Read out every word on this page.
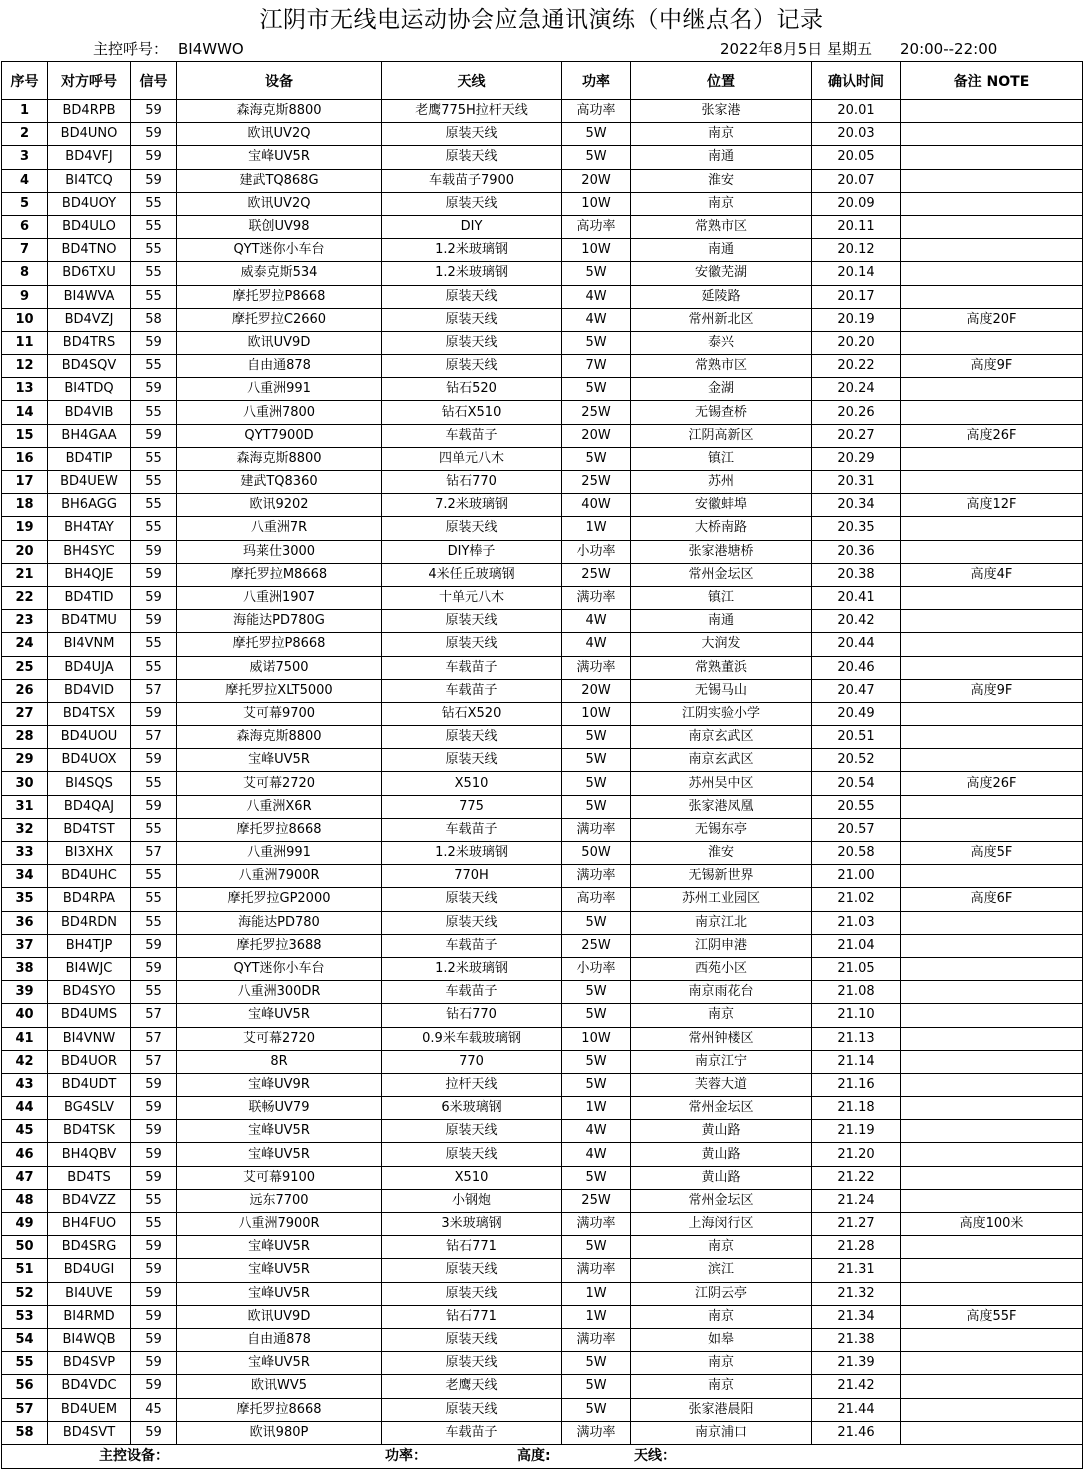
江阴市无线电运动协会应急通讯演练（中继点名）记录
主控呼号： BI4WWO	2022年8月5日 星期五 20:00--22:00
序号	对方呼号	信号	设备	天线	功率	位置	确认时间	备注 NOTE
1	BD4RPB	59	森海克斯8800	老鹰775H拉杆天线	高功率	张家港	20.01	
2	BD4UNO	59	欧讯UV2Q	原装天线	5W	南京	20.03	
3	BD4VFJ	59	宝峰UV5R	原装天线	5W	南通	20.05	
4	BI4TCQ	59	建武TQ868G	车载苗子7900	20W	淮安	20.07	
5	BD4UOY	55	欧讯UV2Q	原装天线	10W	南京	20.09	
6	BD4ULO	55	联创UV98	DIY	高功率	常熟市区	20.11	
7	BD4TNO	55	QYT迷你小车台	1.2米玻璃钢	10W	南通	20.12	
8	BD6TXU	55	威泰克斯534	1.2米玻璃钢	5W	安徽芜湖	20.14	
9	BI4WVA	55	摩托罗拉P8668	原装天线	4W	延陵路	20.17	
10	BD4VZJ	58	摩托罗拉C2660	原装天线	4W	常州新北区	20.19	高度20F
11	BD4TRS	59	欧讯UV9D	原装天线	5W	泰兴	20.20	
12	BD4SQV	55	自由通878	原装天线	7W	常熟市区	20.22	高度9F
13	BI4TDQ	59	八重洲991	钻石520	5W	金湖	20.24	
14	BD4VIB	55	八重洲7800	钻石X510	25W	无锡查桥	20.26	
15	BH4GAA	59	QYT7900D	车载苗子	20W	江阴高新区	20.27	高度26F
16	BD4TIP	55	森海克斯8800	四单元八木	5W	镇江	20.29	
17	BD4UEW	55	建武TQ8360	钻石770	25W	苏州	20.31	
18	BH6AGG	55	欧讯9202	7.2米玻璃钢	40W	安徽蚌埠	20.34	高度12F
19	BH4TAY	55	八重洲7R	原装天线	1W	大桥南路	20.35	
20	BH4SYC	59	玛莱仕3000	DIY棒子	小功率	张家港塘桥	20.36	
21	BH4QJE	59	摩托罗拉M8668	4米任丘玻璃钢	25W	常州金坛区	20.38	高度4F
22	BD4TID	59	八重洲1907	十单元八木	满功率	镇江	20.41	
23	BD4TMU	59	海能达PD780G	原装天线	4W	南通	20.42	
24	BI4VNM	55	摩托罗拉P8668	原装天线	4W	大润发	20.44	
25	BD4UJA	55	威诺7500	车载苗子	满功率	常熟董浜	20.46	
26	BD4VID	57	摩托罗拉XLT5000	车载苗子	20W	无锡马山	20.47	高度9F
27	BD4TSX	59	艾可幕9700	钻石X520	10W	江阴实验小学	20.49	
28	BD4UOU	57	森海克斯8800	原装天线	5W	南京玄武区	20.51	
29	BD4UOX	59	宝峰UV5R	原装天线	5W	南京玄武区	20.52	
30	BI4SQS	55	艾可幕2720	X510	5W	苏州吴中区	20.54	高度26F
31	BD4QAJ	59	八重洲X6R	775	5W	张家港凤凰	20.55	
32	BD4TST	55	摩托罗拉8668	车载苗子	满功率	无锡东亭	20.57	
33	BI3XHX	57	八重洲991	1.2米玻璃钢	50W	淮安	20.58	高度5F
34	BD4UHC	55	八重洲7900R	770H	满功率	无锡新世界	21.00	
35	BD4RPA	55	摩托罗拉GP2000	原装天线	高功率	苏州工业园区	21.02	高度6F
36	BD4RDN	55	海能达PD780	原装天线	5W	南京江北	21.03	
37	BH4TJP	59	摩托罗拉3688	车载苗子	25W	江阴申港	21.04	
38	BI4WJC	59	QYT迷你小车台	1.2米玻璃钢	小功率	西苑小区	21.05	
39	BD4SYO	55	八重洲300DR	车载苗子	5W	南京雨花台	21.08	
40	BD4UMS	57	宝峰UV5R	钻石770	5W	南京	21.10	
41	BI4VNW	57	艾可幕2720	0.9米车载玻璃钢	10W	常州钟楼区	21.13	
42	BD4UOR	57	8R	770	5W	南京江宁	21.14	
43	BD4UDT	59	宝峰UV9R	拉杆天线	5W	芙蓉大道	21.16	
44	BG4SLV	59	联畅UV79	6米玻璃钢	1W	常州金坛区	21.18	
45	BD4TSK	59	宝峰UV5R	原装天线	4W	黄山路	21.19	
46	BH4QBV	59	宝峰UV5R	原装天线	4W	黄山路	21.20	
47	BD4TS	59	艾可幕9100	X510	5W	黄山路	21.22	
48	BD4VZZ	55	远东7700	小钢炮	25W	常州金坛区	21.24	
49	BH4FUO	55	八重洲7900R	3米玻璃钢	满功率	上海闵行区	21.27	高度100米
50	BD4SRG	59	宝峰UV5R	钻石771	5W	南京	21.28	
51	BD4UGI	59	宝峰UV5R	原装天线	满功率	滨江	21.31	
52	BI4UVE	59	宝峰UV5R	原装天线	1W	江阴云亭	21.32	
53	BI4RMD	59	欧讯UV9D	钻石771	1W	南京	21.34	高度55F
54	BI4WQB	59	自由通878	原装天线	满功率	如皋	21.38	
55	BD4SVP	59	宝峰UV5R	原装天线	5W	南京	21.39	
56	BD4VDC	59	欧讯WV5	老鹰天线	5W	南京	21.42	
57	BD4UEM	45	摩托罗拉8668	原装天线	5W	张家港晨阳	21.44	
58	BD4SVT	59	欧讯980P	车载苗子	满功率	南京浦口	21.46	

主控设备： 功率： 高度: 天线：								
